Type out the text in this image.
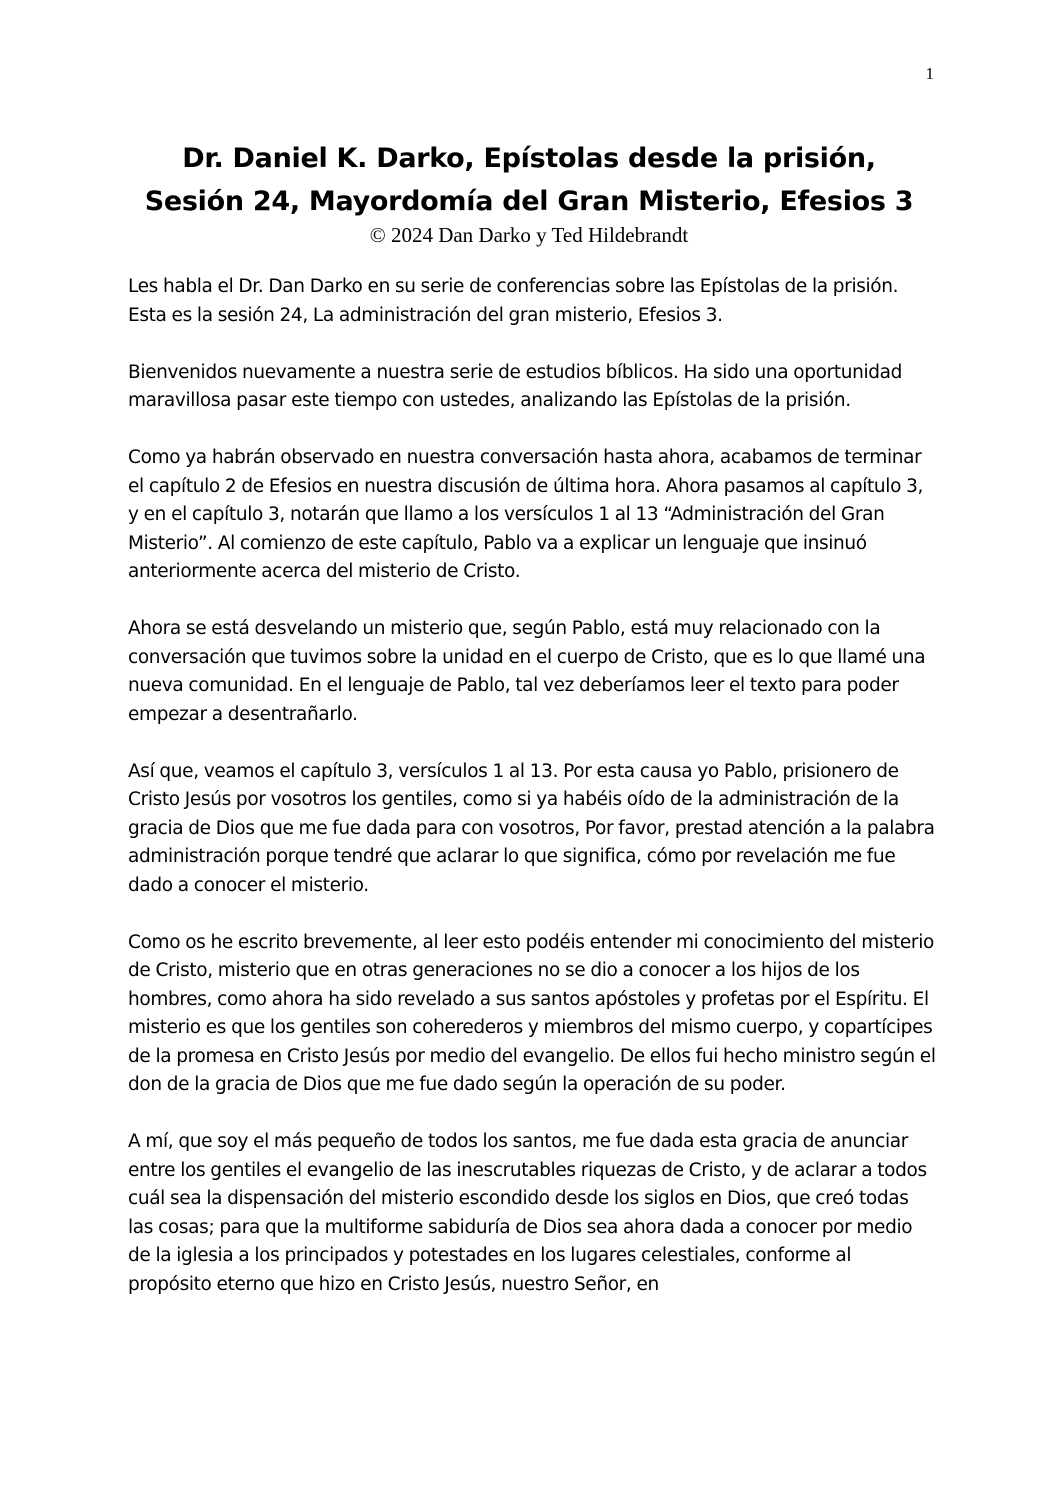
1
Dr. Daniel K. Darko, Epístolas desde la prisión,
Sesión 24, Mayordomía del Gran Misterio, Efesios 3
© 2024 Dan Darko y Ted Hildebrandt

Les habla el Dr. Dan Darko en su serie de conferencias sobre las Epístolas de la prisión. Esta es la sesión 24, La administración del gran misterio, Efesios 3.

Bienvenidos nuevamente a nuestra serie de estudios bíblicos. Ha sido una oportunidad maravillosa pasar este tiempo con ustedes, analizando las Epístolas de la prisión.

Como ya habrán observado en nuestra conversación hasta ahora, acabamos de terminar el capítulo 2 de Efesios en nuestra discusión de última hora. Ahora pasamos al capítulo 3, y en el capítulo 3, notarán que llamo a los versículos 1 al 13 “Administración del Gran Misterio”. Al comienzo de este capítulo, Pablo va a explicar un lenguaje que insinuó anteriormente acerca del misterio de Cristo.

Ahora se está desvelando un misterio que, según Pablo, está muy relacionado con la conversación que tuvimos sobre la unidad en el cuerpo de Cristo, que es lo que llamé una nueva comunidad. En el lenguaje de Pablo, tal vez deberíamos leer el texto para poder empezar a desentrañarlo.

Así que, veamos el capítulo 3, versículos 1 al 13. Por esta causa yo Pablo, prisionero de Cristo Jesús por vosotros los gentiles, como si ya habéis oído de la administración de la gracia de Dios que me fue dada para con vosotros, Por favor, prestad atención a la palabra administración porque tendré que aclarar lo que significa, cómo por revelación me fue dado a conocer el misterio.

Como os he escrito brevemente, al leer esto podéis entender mi conocimiento del misterio de Cristo, misterio que en otras generaciones no se dio a conocer a los hijos de los hombres, como ahora ha sido revelado a sus santos apóstoles y profetas por el Espíritu. El misterio es que los gentiles son coherederos y miembros del mismo cuerpo, y copartícipes de la promesa en Cristo Jesús por medio del evangelio. De ellos fui hecho ministro según el don de la gracia de Dios que me fue dado según la operación de su poder.

A mí, que soy el más pequeño de todos los santos, me fue dada esta gracia de anunciar entre los gentiles el evangelio de las inescrutables riquezas de Cristo, y de aclarar a todos cuál sea la dispensación del misterio escondido desde los siglos en Dios, que creó todas las cosas; para que la multiforme sabiduría de Dios sea ahora dada a conocer por medio de la iglesia a los principados y potestades en los lugares celestiales, conforme al propósito eterno que hizo en Cristo Jesús, nuestro Señor, en
